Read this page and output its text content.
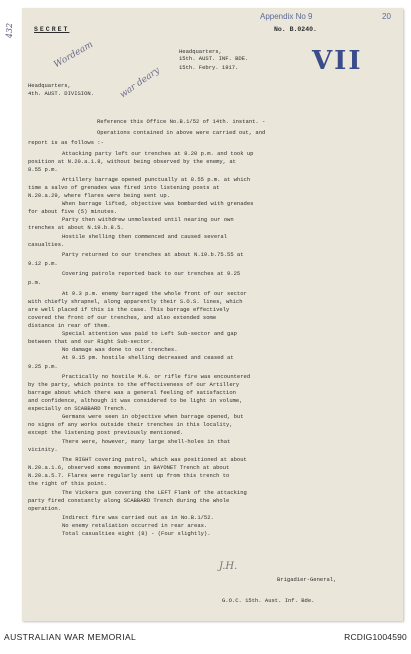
SECRET
Headquarters,
15th. AUST. INF. BDE.
15th. Febry. 1917.
No. B.0240.
Headquarters,
4th. AUST. DIVISION.
432
Wordeam
war deary
Appendix No 9	20
VII
Reference this Office No.B.1/52 of 14th. instant. -
Operations contained in above were carried out, and
report is as follows :-
Attacking party left our trenches at 8.20 p.m. and took up
position at N.20.a.1.8, without being observed by the enemy, at
8.55 p.m.
Artillery barrage opened punctually at 8.55 p.m. at which
time a salvo of grenades was fired into listening posts at
N.20.a.29, where flares were being sent up.
When barrage lifted, objective was bombarded with grenades
for about five (5) minutes.
Party then withdrew unmolested until nearing our own
trenches at about N.19.b.8.5.
Hostile shelling then commenced and caused several
casualties.
Party returned to our trenches at about N.19.b.75.55 at
9.12 p.m.
Covering patrols reported back to our trenches at 9.25
p.m.
At 9.3 p.m. enemy barraged the whole front of our sector
with chiefly shrapnel, along apparently their S.O.S. lines, which
are well placed if this is the case. This barrage effectively
covered the front of our trenches, and also extended some
distance in rear of them.
Special attention was paid to Left Sub-sector and gap
between that and our Right Sub-sector.
No damage was done to our trenches.
At 9.15 pm. hostile shelling decreased and ceased at
9.25 p.m.
Practically no hostile M.G. or rifle fire was encountered
by the party, which points to the effectiveness of our Artillery
barrage about which there was a general feeling of satisfaction
and confidence, although it was considered to be light in volume,
especially on SCABBARD Trench.
Germans were seen in objective when barrage opened, but
no signs of any works outside their trenches in this locality,
except the listening post previously mentioned.
There were, however, many large shell-holes in that
vicinity.
The RIGHT covering patrol, which was positioned at about
N.20.a.1.6, observed some movement in BAYONET Trench at about
N.20.a.5.7. Flares were regularly sent up from this trench to
the right of this point.
The Vickers gun covering the LEFT Flank of the attacking
party fired constantly along SCABBARD Trench during the whole
operation.
Indirect fire was carried out as in No.B.1/52.
No enemy retaliation occurred in rear areas.
Total casualties eight (8) - (Four slightly).
J.H.
Brigadier-General,
G.O.C. 15th. Aust. Inf. Bde.
AUSTRALIAN WAR MEMORIAL	RCDIG1004590
